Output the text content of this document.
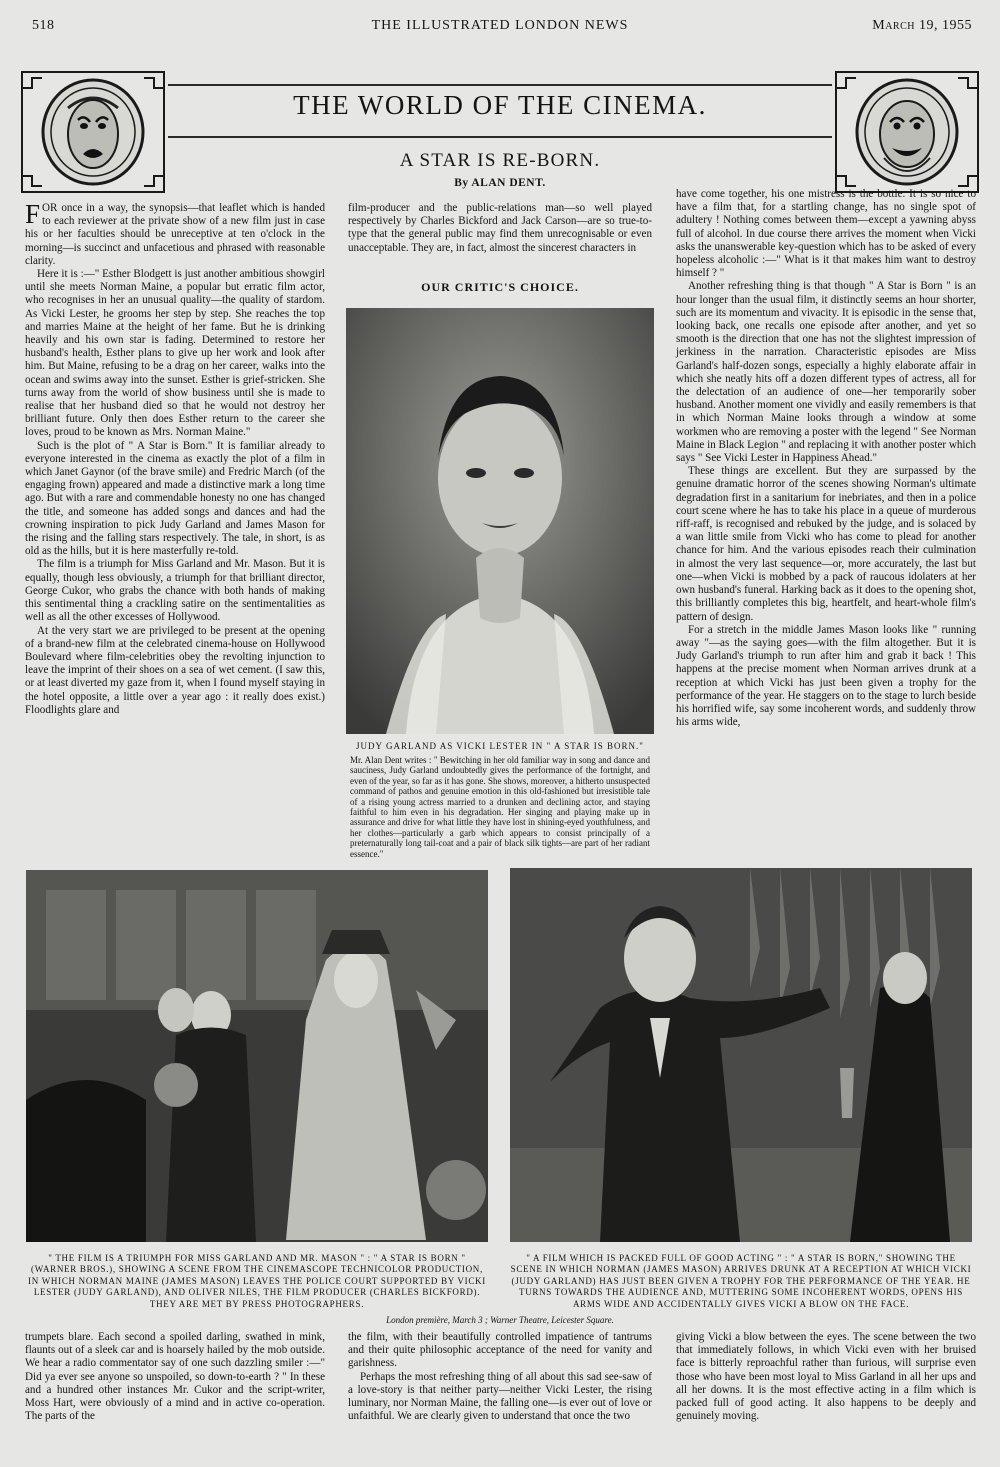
518	THE ILLUSTRATED LONDON NEWS	March 19, 1955
THE WORLD OF THE CINEMA.
A STAR IS RE-BORN.
By ALAN DENT.

FOR once in a way, the synopsis—that leaflet which is handed to each reviewer at the private show of a new film just in case his or her faculties should be unreceptive at ten o'clock in the morning—is succinct and unfacetious and phrased with reasonable clarity.

Here it is :—" Esther Blodgett is just another ambitious showgirl until she meets Norman Maine, a popular but erratic film actor, who recognises in her an unusual quality—the quality of stardom. As Vicki Lester, he grooms her step by step. She reaches the top and marries Maine at the height of her fame. But he is drinking heavily and his own star is fading. Determined to restore her husband's health, Esther plans to give up her work and look after him. But Maine, refusing to be a drag on her career, walks into the ocean and swims away into the sunset. Esther is grief-stricken. She turns away from the world of show business until she is made to realise that her husband died so that he would not destroy her brilliant future. Only then does Esther return to the career she loves, proud to be known as Mrs. Norman Maine."

Such is the plot of " A Star is Born." It is familiar already to everyone interested in the cinema as exactly the plot of a film in which Janet Gaynor (of the brave smile) and Fredric March (of the engaging frown) appeared and made a distinctive mark a long time ago. But with a rare and commendable honesty no one has changed the title, and someone has added songs and dances and had the crowning inspiration to pick Judy Garland and James Mason for the rising and the falling stars respectively. The tale, in short, is as old as the hills, but it is here masterfully re-told.

The film is a triumph for Miss Garland and Mr. Mason. But it is equally, though less obviously, a triumph for that brilliant director, George Cukor, who grabs the chance with both hands of making this sentimental thing a crackling satire on the sentimentalities as well as all the other excesses of Hollywood.

At the very start we are privileged to be present at the opening of a brand-new film at the celebrated cinema-house on Hollywood Boulevard where film-celebrities obey the revolting injunction to leave the imprint of their shoes on a sea of wet cement. (I saw this, or at least diverted my gaze from it, when I found myself staying in the hotel opposite, a little over a year ago : it really does exist.) Floodlights glare and

film-producer and the public-relations man—so well played respectively by Charles Bickford and Jack Carson—are so true-to-type that the general public may find them unrecognisable or even unacceptable. They are, in fact, almost the sincerest characters in

OUR CRITIC'S CHOICE.
JUDY GARLAND AS VICKI LESTER IN " A STAR IS BORN."

Mr. Alan Dent writes : " Bewitching in her old familiar way in song and dance and sauciness, Judy Garland undoubtedly gives the performance of the fortnight, and even of the year, so far as it has gone. She shows, moreover, a hitherto unsuspected command of pathos and genuine emotion in this old-fashioned but irresistible tale of a rising young actress married to a drunken and declining actor, and staying faithful to him even in his degradation. Her singing and playing make up in assurance and drive for what little they have lost in shining-eyed youthfulness, and her clothes—particularly a garb which appears to consist principally of a preternaturally long tail-coat and a pair of black silk tights—are part of her radiant essence."

have come together, his one mistress is the bottle. It is so nice to have a film that, for a startling change, has no single spot of adultery ! Nothing comes between them—except a yawning abyss full of alcohol. In due course there arrives the moment when Vicki asks the unanswerable key-question which has to be asked of every hopeless alcoholic :—" What is it that makes him want to destroy himself ? "

Another refreshing thing is that though " A Star is Born " is an hour longer than the usual film, it distinctly seems an hour shorter, such are its momentum and vivacity. It is episodic in the sense that, looking back, one recalls one episode after another, and yet so smooth is the direction that one has not the slightest impression of jerkiness in the narration. Characteristic episodes are Miss Garland's half-dozen songs, especially a highly elaborate affair in which she neatly hits off a dozen different types of actress, all for the delectation of an audience of one—her temporarily sober husband. Another moment one vividly and easily remembers is that in which Norman Maine looks through a window at some workmen who are removing a poster with the legend " See Norman Maine in Black Legion " and replacing it with another poster which says " See Vicki Lester in Happiness Ahead."

These things are excellent. But they are surpassed by the genuine dramatic horror of the scenes showing Norman's ultimate degradation first in a sanitarium for inebriates, and then in a police court scene where he has to take his place in a queue of murderous riff-raff, is recognised and rebuked by the judge, and is solaced by a wan little smile from Vicki who has come to plead for another chance for him. And the various episodes reach their culmination in almost the very last sequence—or, more accurately, the last but one—when Vicki is mobbed by a pack of raucous idolaters at her own husband's funeral. Harking back as it does to the opening shot, this brilliantly completes this big, heartfelt, and heart-whole film's pattern of design.

For a stretch in the middle James Mason looks like " running away "—as the saying goes—with the film altogether. But it is Judy Garland's triumph to run after him and grab it back ! This happens at the precise moment when Norman arrives drunk at a reception at which Vicki has just been given a trophy for the performance of the year. He staggers on to the stage to lurch beside his horrified wife, say some incoherent words, and suddenly throw his arms wide,

" THE FILM IS A TRIUMPH FOR MISS GARLAND AND MR. MASON " : " A STAR IS BORN " (WARNER BROS.), SHOWING A SCENE FROM THE CINEMASCOPE TECHNICOLOR PRODUCTION, IN WHICH NORMAN MAINE (JAMES MASON) LEAVES THE POLICE COURT SUPPORTED BY VICKI LESTER (JUDY GARLAND), AND OLIVER NILES, THE FILM PRODUCER (CHARLES BICKFORD). THEY ARE MET BY PRESS PHOTOGRAPHERS.
" A FILM WHICH IS PACKED FULL OF GOOD ACTING " : " A STAR IS BORN," SHOWING THE SCENE IN WHICH NORMAN (JAMES MASON) ARRIVES DRUNK AT A RECEPTION AT WHICH VICKI (JUDY GARLAND) HAS JUST BEEN GIVEN A TROPHY FOR THE PERFORMANCE OF THE YEAR. HE TURNS TOWARDS THE AUDIENCE AND, MUTTERING SOME INCOHERENT WORDS, OPENS HIS ARMS WIDE AND ACCIDENTALLY GIVES VICKI A BLOW ON THE FACE.
London première, March 3 ; Warner Theatre, Leicester Square.

trumpets blare. Each second a spoiled darling, swathed in mink, flaunts out of a sleek car and is hoarsely hailed by the mob outside. We hear a radio commentator say of one such dazzling smiler :—" Did ya ever see anyone so unspoiled, so down-to-earth ? " In these and a hundred other instances Mr. Cukor and the script-writer, Moss Hart, were obviously of a mind and in active co-operation. The parts of the

the film, with their beautifully controlled impatience of tantrums and their quite philosophic acceptance of the need for vanity and garishness.

Perhaps the most refreshing thing of all about this sad see-saw of a love-story is that neither party—neither Vicki Lester, the rising luminary, nor Norman Maine, the falling one—is ever out of love or unfaithful. We are clearly given to understand that once the two

giving Vicki a blow between the eyes. The scene between the two that immediately follows, in which Vicki even with her bruised face is bitterly reproachful rather than furious, will surprise even those who have been most loyal to Miss Garland in all her ups and all her downs. It is the most effective acting in a film which is packed full of good acting. It also happens to be deeply and genuinely moving.
